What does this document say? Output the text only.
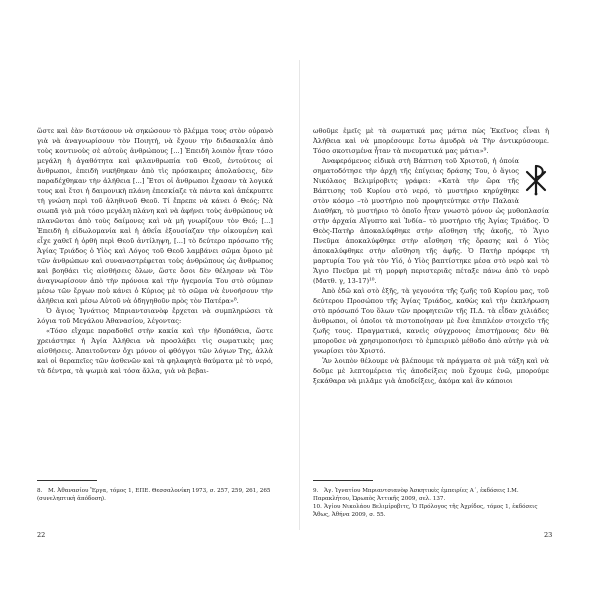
ὥστε καὶ ἐὰν διστάσουν νὰ σηκώσουν τὸ βλέμμα τους στὸν οὐρανὸ γιὰ νὰ ἀναγνωρίσουν τὸν Ποιητή, νὰ ἔχουν τὴν διδασκαλία ἀπὸ τοὺς κοντινοὺς σὲ αὐτοὺς ἀνθρώπους [...] Ἐπειδὴ λοιπὸν ἦταν τόσο μεγάλη ἡ ἀγαθότητα καὶ φιλανθρωπία τοῦ Θεοῦ, ἐντούτοις οἱ ἄνθρωποι, ἐπειδὴ νικήθηκαν ἀπὸ τὶς πρόσκαιρες ἀπολαύσεις, δὲν παραδέχθηκαν τὴν ἀλήθεια [...] Ἔτσι οἱ ἄνθρωποι ἔχασαν τὰ λογικά τους καὶ ἔτσι ἡ δαιμονικὴ πλάνη ἐπεσκίαζε τὰ πάντα καὶ ἀπέκρυπτε τὴ γνώση περὶ τοῦ ἀληθινοῦ Θεοῦ. Τί ἔπρεπε νὰ κάνει ὁ Θεός; Νὰ σιωπᾶ γιὰ μιὰ τόσο μεγάλη πλάνη καὶ νὰ ἀφήνει τοὺς ἀνθρώπους νὰ πλανῶνται ἀπὸ τοὺς δαίμονες καὶ νὰ μὴ γνωρίζουν τὸν Θεό; [...] Ἐπειδὴ ἡ εἰδωλομανία καὶ ἡ ἀθεΐα ἐξουσίαζαν τὴν οἰκουμένη καὶ εἶχε χαθεῖ ἡ ὀρθὴ περὶ Θεοῦ ἀντίληψη, [...] τὸ δεύτερο πρόσωπο τῆς Ἁγίας Τριάδος ὁ Υἱὸς καὶ Λόγος τοῦ Θεοῦ λαμβάνει σῶμα ὅμοιο μὲ τῶν ἀνθρώπων καὶ συναναστρέφεται τοὺς ἀνθρώπους ὡς ἄνθρωπος καὶ βοηθάει τὶς αἰσθήσεις ὅλων, ὥστε ὅσοι δὲν θέλησαν νὰ Τὸν ἀναγνωρίσουν ἀπὸ τὴν πρόνοια καὶ τὴν ἡγεμονία Του στὸ σύμπαν μέσω τῶν ἔργων ποὺ κάνει ὁ Κύριος μὲ τὸ σῶμα νὰ ἐννοήσουν τὴν ἀλήθεια καὶ μέσω Αὐτοῦ νὰ ὁδηγηθοῦν πρὸς τὸν Πατέρα»⁸.

Ὁ ἅγιος Ἰγνάτιος Μπριαντσιανὸφ ἔρχεται νὰ συμπληρώσει τὰ λόγια τοῦ Μεγάλου Ἀθανασίου, λέγοντας:

«Τόσο εἴχαμε παραδοθεῖ στὴν κακία καὶ τὴν ἡδυπάθεια, ὥστε χρειάστηκε ἡ Ἁγία Ἀλήθεια νὰ προσλάβει τὶς σωματικὲς μας αἰσθήσεις. Ἀπαιτοῦνταν ὄχι μόνον οἱ φθόγγοι τῶν λόγων Της, ἀλλὰ καὶ οἱ θεραπεῖες τῶν ἀσθενῶν καὶ τὰ φηλαφητὰ θαύματα μὲ τὸ νερό, τὰ δέντρα, τὰ ψωμιὰ καὶ τόσα ἄλλα, γιὰ νὰ βεβαι-

8. Μ. Ἀθανασίου Ἔργα, τόμος 1, ΕΠΕ. Θεσσαλονίκη 1973, σ. 257, 259, 261, 265 (συνεληπτικὴ ἀπόδοση).

ωθοῦμε ἐμεῖς μὲ τὰ σωματικά μας μάτια πὼς Ἐκεῖνος εἶναι ἡ Ἀλήθεια καὶ νὰ μπορέσουμε ἔστω ἀμυδρὰ νὰ Τὴν ἀντικρύσουμε. Τόσο σκοτισμένα ἦταν τὰ πνευματικά μας μάτια»⁹.

Ἀναφερόμενος εἰδικὰ στὴ Βάπτιση τοῦ Χριστοῦ, ἡ ὁποία σηματοδότησε τὴν ἀρχὴ τῆς ἐπίγειας δράσης Του, ὁ ἅγιος Νικόλαος Βελιμίροβιτς γράφει: «Κατὰ τὴν ὥρα τῆς Βάπτισης τοῦ Κυρίου στὸ νερό, τὸ μυστήριο κηρύχθηκε στὸν κόσμο –τὸ μυστήριο ποὺ προφητεύτηκε στὴν Παλαιὰ Διαθήκη, τὸ μυστήριο τὸ ὁποῖο ἦταν γνωστὸ μόνον ὡς μυθοπλασία στὴν ἀρχαία Αἴγυπτο καὶ Ἰνδία– τὸ μυστήριο τῆς Ἁγίας Τριάδος. Ὁ Θεὸς-Πατὴρ ἀποκαλύφθηκε στὴν αἴσθηση τῆς ἀκοῆς, τὸ Ἅγιο Πνεῦμα ἀποκαλύφθηκε στὴν αἴσθηση τῆς ὅρασης καὶ ὁ Υἱὸς ἀποκαλύφθηκε στὴν αἴσθηση τῆς ἀφῆς. Ὁ Πατὴρ πρόφερε τὴ μαρτυρία Του γιὰ τὸν Υἱό, ὁ Υἱὸς βαπτίστηκε μέσα στὸ νερὸ καὶ τὸ Ἅγιο Πνεῦμα μὲ τὴ μορφὴ περιστεριᾶς πέταξε πάνω ἀπὸ τὸ νερὸ (Ματθ. γ, 13-17)¹⁰.

Ἀπὸ ἐδῶ καὶ στὸ ἑξῆς, τὰ γεγονότα τῆς ζωῆς τοῦ Κυρίου μας, τοῦ δεύτερου Προσώπου τῆς Ἁγίας Τριάδος, καθὼς καὶ τὴν ἐκπλήρωση στὸ πρόσωπό Του ὅλων τῶν προφητειῶν τῆς Π.Δ. τὰ εἶδαν χιλιάδες ἄνθρωποι, οἱ ὁποῖοι τὰ πιστοποίησαν μὲ ἕνα ἐπιπλέον στοιχεῖο τῆς ζωῆς τους. Πραγματικά, κανεὶς σύγχρονος ἐπιστήμονας δὲν θὰ μποροῦσε νὰ χρησιμοποιήσει τὸ ἐμπειρικὸ μέθοδο ἀπὸ αὐτὴν γιὰ νὰ γνωρίσει τὸν Χριστό.

Ἂν λοιπὸν θέλουμε νὰ βλέπουμε τὰ πράγματα σὲ μιὰ τάξη καὶ νὰ δοῦμε μὲ λεπτομέρεια τὶς ἀποδείξεις ποὺ ἔχουμε ἐνῶ, μπορούμε ξεκάθαρα νὰ μιλᾶμε γιὰ ἀποδείξεις, ἀκόμα καὶ ἂν κάποιοι

9. Ἁγ. Ἰγνατίου Μπριαντσιανὸφ Ἀσκητικὲς ἐμπειρίες Α΄, ἐκδόσεις Ι.Μ. Παρακλήτου, Ὠρωπὸς Ἀττικῆς 2009, σελ. 137.

10. Ἁγίου Νικολάου Βελιμίροβιτς, Ὁ Πρόλογος τῆς Ἀχρίδος, τόμος 1, ἐκδόσεις Ἄθως, Ἀθήνα 2009, σ. 55.

22	23
